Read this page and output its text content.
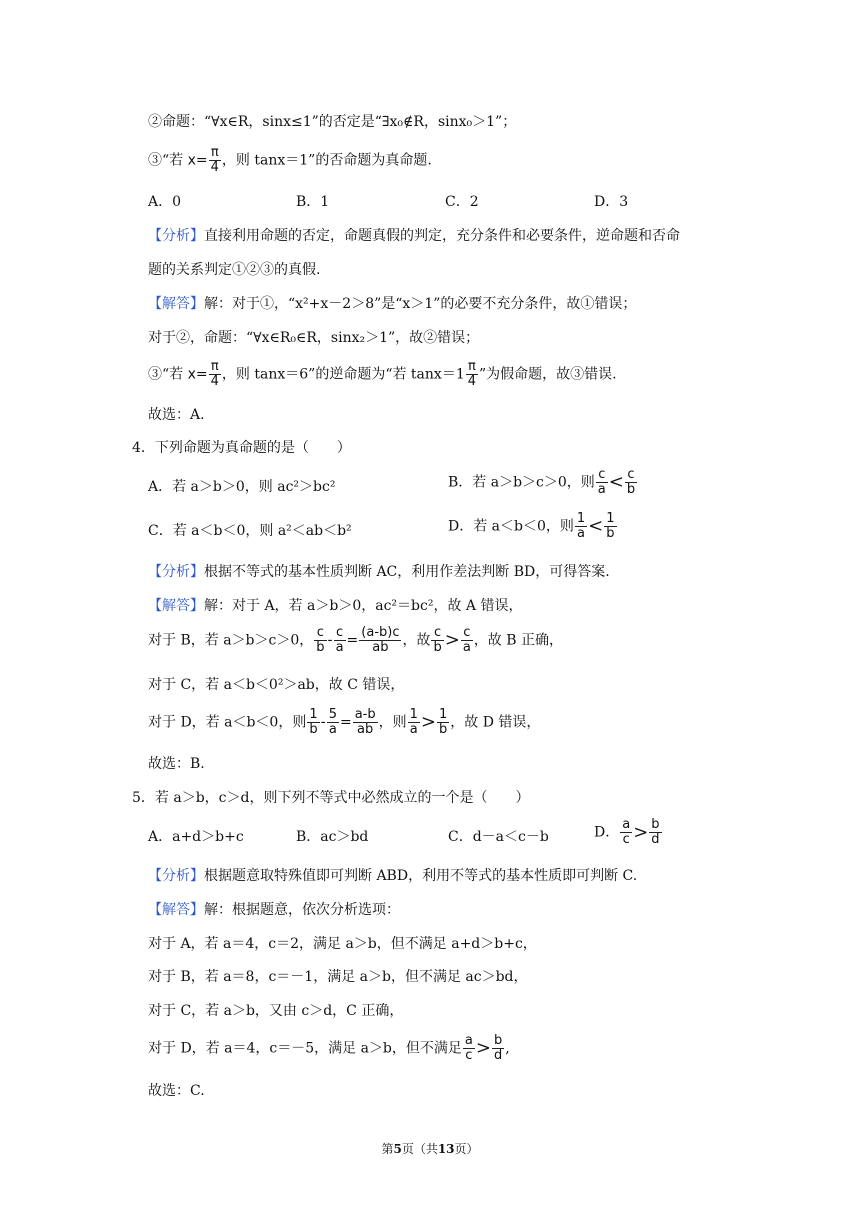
②命题：“∀x∈R，sinx≤1”的否定是“∃x₀∉R，sinx₀＞1”；
③“若 $x= \frac{\pi}{4}$ ，则 tanx＝1”的否命题为真命题.
A．0	B．1	C．2	D．3
【分析】直接利用命题的否定，命题真假的判定，充分条件和必要条件，逆命题和否命
题的关系判定①②③的真假.
【解答】解：对于①，“x²+x－2＞8”是“x＞1”的必要不充分条件，故①错误；
对于②，命题：“∀x∈R₀∈R，sinx₂＞1”，故②错误；
③“若 $x= \frac{\pi}{4}$ ，则 tanx＝6”的逆命题为“若 $\tan x=1 \frac{\pi}{4}$ ”为假命题，故③错误.
故选：A.
4．下列命题为真命题的是（　　）
A．若 a＞b＞0，则 ac²＞bc²	B．若 a＞b＞c＞0，则 $\frac{c}{a} < \frac{c}{b}$
C．若 a＜b＜0，则 a²＜ab＜b²	D．若 a＜b＜0，则 $\frac{1}{a} < \frac{1}{b}$
【分析】根据不等式的基本性质判断 AC，利用作差法判断 BD，可得答案.
【解答】解：对于 A，若 a＞b＞0，ac²＝bc²，故 A 错误，
对于 B，若 a＞b＞c＞0， $\frac{c}{b} - \frac{c}{a} = \frac{(a-b)c}{ab}$ ，故 $\frac{c}{b} > \frac{c}{a}$ ，故 B 正确，
对于 C，若 a＜b＜0²＞ab，故 C 错误，
对于 D，若 a＜b＜0，则 $\frac{1}{b} - \frac{5}{a} = \frac{a-b}{ab}$ ，则 $\frac{1}{a} > \frac{1}{b}$ ，故 D 错误，
故选：B.
5．若 a＞b，c＞d，则下列不等式中必然成立的一个是（　　）
A．a+d＞b+c	B．ac＞bd	C．d－a＜c－b	D． $\frac{a}{c} > \frac{b}{d}$
【分析】根据题意取特殊值即可判断 ABD，利用不等式的基本性质即可判断 C.
【解答】解：根据题意，依次分析选项：
对于 A，若 a＝4，c＝2，满足 a＞b，但不满足 a+d＞b+c，
对于 B，若 a＝8，c＝－1，满足 a＞b，但不满足 ac＞bd，
对于 C，若 a＞b，又由 c＞d，C 正确，
对于 D，若 a＝4，c＝－5，满足 a＞b，但不满足 $\frac{a}{c} > \frac{b}{d}$ ,
故选：C.
第5页（共13页）
